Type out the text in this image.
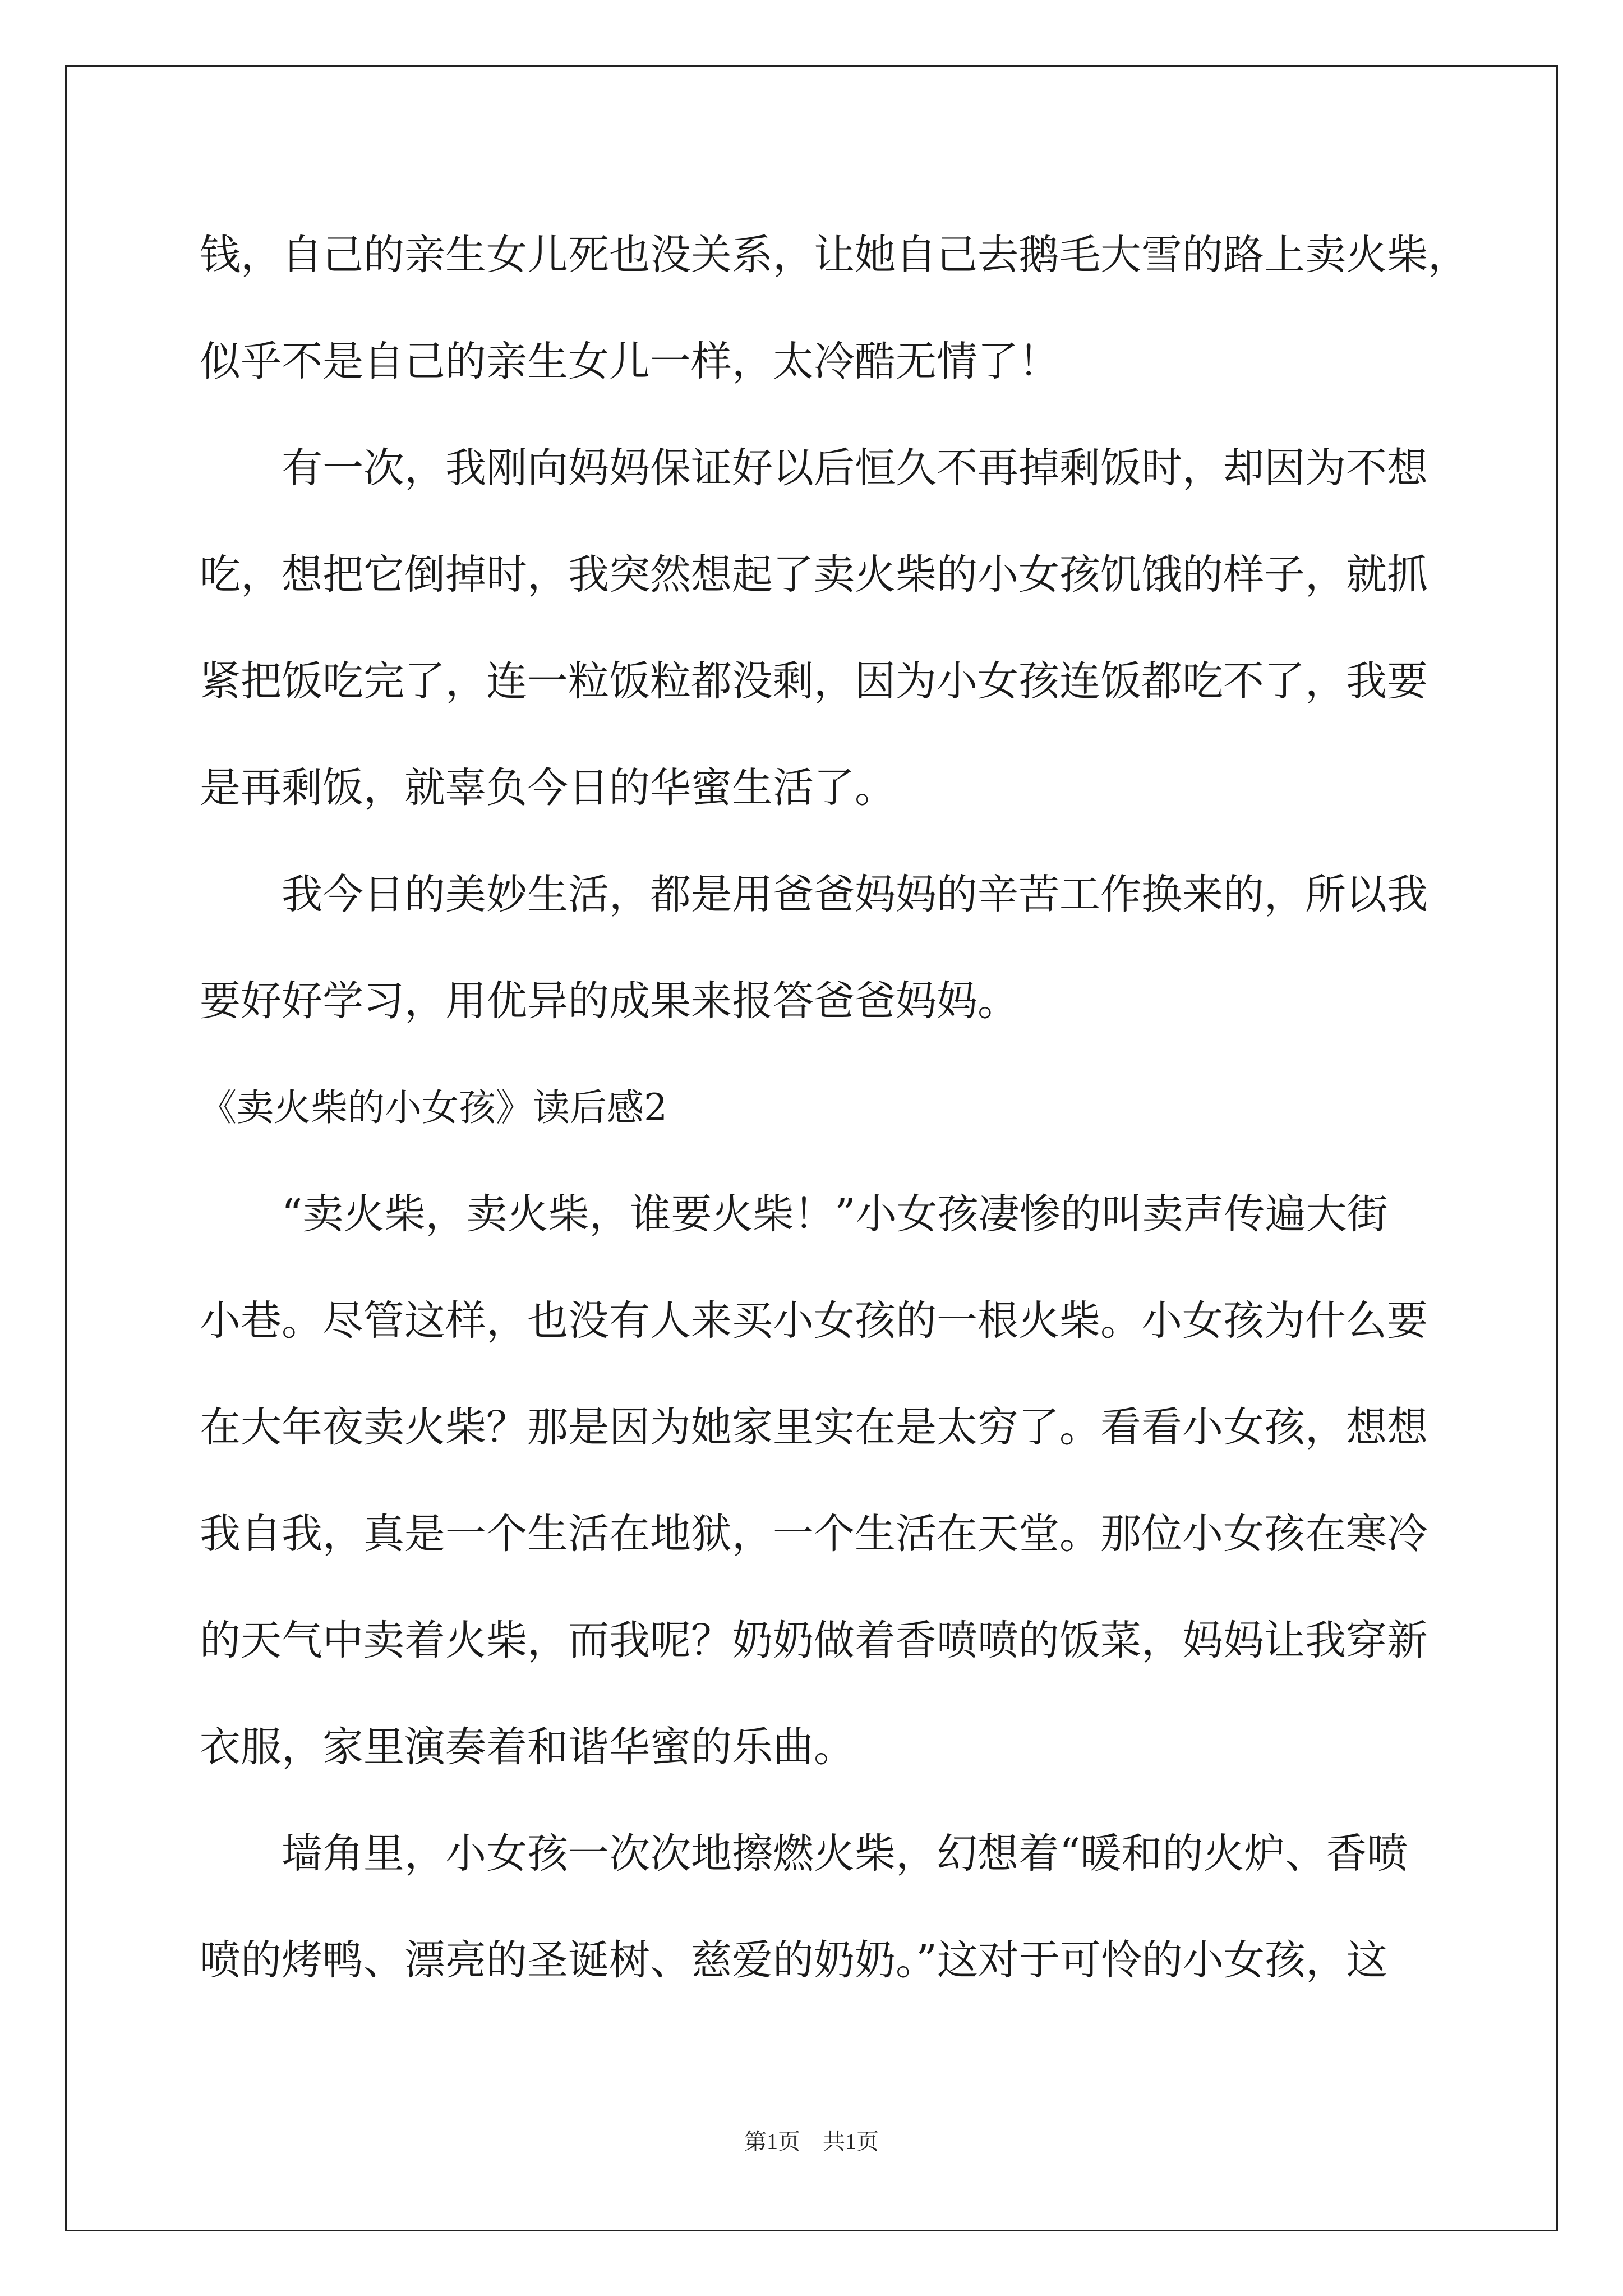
钱，自己的亲生女儿死也没关系，让她自己去鹅毛大雪的路上卖火柴，
似乎不是自己的亲生女儿一样，太冷酷无情了！
有一次，我刚向妈妈保证好以后恒久不再掉剩饭时，却因为不想
吃，想把它倒掉时，我突然想起了卖火柴的小女孩饥饿的样子，就抓
紧把饭吃完了，连一粒饭粒都没剩，因为小女孩连饭都吃不了，我要
是再剩饭，就辜负今日的华蜜生活了。
我今日的美妙生活，都是用爸爸妈妈的辛苦工作换来的，所以我
要好好学习，用优异的成果来报答爸爸妈妈。
《卖火柴的小女孩》读后感2
“卖火柴，卖火柴，谁要火柴！”小女孩凄惨的叫卖声传遍大街
小巷。尽管这样，也没有人来买小女孩的一根火柴。小女孩为什么要
在大年夜卖火柴？那是因为她家里实在是太穷了。看看小女孩，想想
我自我，真是一个生活在地狱，一个生活在天堂。那位小女孩在寒冷
的天气中卖着火柴，而我呢？奶奶做着香喷喷的饭菜，妈妈让我穿新
衣服，家里演奏着和谐华蜜的乐曲。
墙角里，小女孩一次次地擦燃火柴，幻想着“暖和的火炉、香喷
喷的烤鸭、漂亮的圣诞树、慈爱的奶奶。”这对于可怜的小女孩，这
第1页　共1页
